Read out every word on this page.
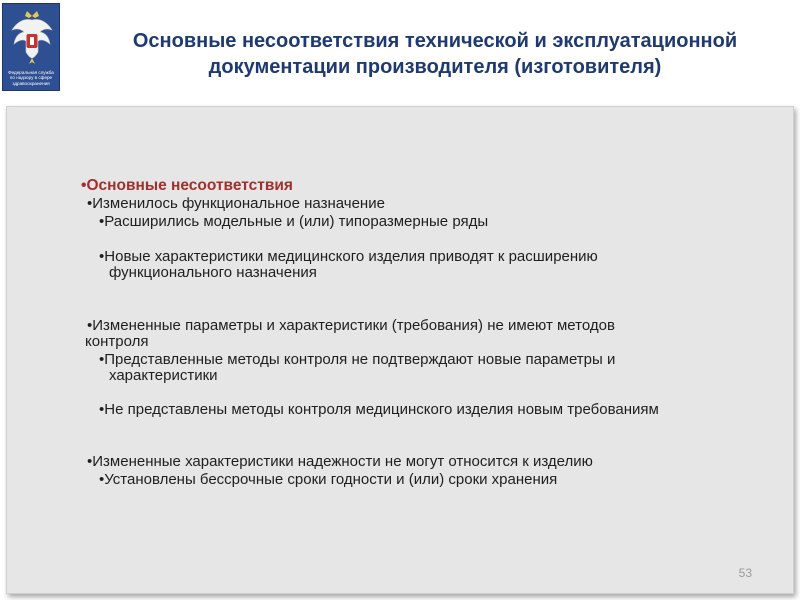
Федеральная служба
по надзору в сфере
здравоохранения
Основные несоответствия технической и эксплуатационной
документации производителя (изготовителя)
•Основные несоответствия
•Изменилось функциональное назначение
•Расширились модельные и (или) типоразмерные ряды
•Новые характеристики медицинского изделия приводят к расширению
функционального назначения
•Измененные параметры и характеристики (требования) не имеют методов
контроля
•Представленные методы контроля не подтверждают новые параметры и
характеристики
•Не представлены методы контроля медицинского изделия новым требованиям
•Измененные характеристики надежности не могут относится к изделию
•Установлены бессрочные сроки годности и (или) сроки хранения
53
